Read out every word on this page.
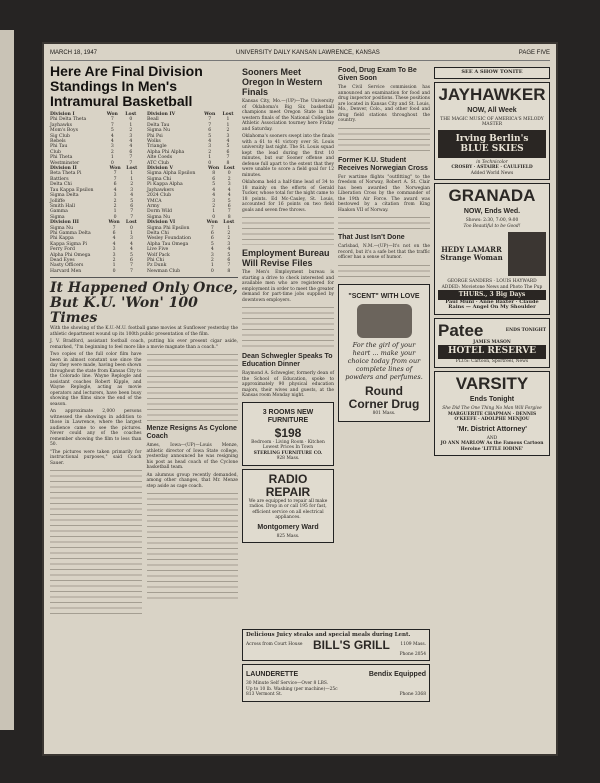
MARCH 18, 1947	UNIVERSITY DAILY KANSAN LAWRENCE, KANSAS	PAGE FIVE
Here Are Final Division Standings In Men's Intramural Basketball
Division I	Won	Lost
Phi Delta Theta	7	0
Jayhawks	7	1
Mom's Boys	5	2
Sig Club	4	3
Rebels	4	4
Phi Tau	3	4
Club	2	6
Phi Theta	1	7
Westminster	0	7
Division II	Won	Lost
Beta Theta Pi	7	1
Battlers	7	1
Delta Chi	6	2
Tau Kappa Epsilon	4	3
Sigma Delta	3	4
Jolliffe	2	5
Smith Hall	2	6
Gamma	1	7
Sigma	0	7
Division III	Won	Lost
Sigma Nu	7	0
Phi Gamma Delta	6	1
Phi Kappa	4	3
Kappa Sigma Pi	4	4
Ferry Ford	3	4
Alpha Phi Omega	3	5
Dead Eyes	2	6
Nasty Officers	1	7
Harvard Men	0	7
Division IV	Won	Lost
Beall	7	1
Delta Tau	7	1
Sigma Nu	6	2
Phi Psi	5	3
Wolks	4	4
Triangle	3	5
Alpha Phi Alpha	2	6
Alte Coeds	1	7
ATC Club	0	8
Division V	Won	Lost
Sigma Alpha Epsilon	8	0
Sigma Chi	6	2
Pi Kappa Alpha	5	3
Jayhawkers	4	4
2024 Club	4	4
YMCA	3	5
Army	2	6
Dorm Wild	1	7
Sigma Nu	0	8
Division VI	Won	Lost
Sigma Phi Epsilon	7	1
Delta Chi	6	2
Wesley Foundation	6	2
Alpha Tau Omega	5	3
Live Five	4	4
Wolf Pack	3	5
Phi Chi	2	6
Pz Dunk	1	7
Newman Club	0	8
It Happened Only Once, But K.U. 'Won' 100 Times

With the showing of the K.U.-M.U. football game movies at Sunflower yesterday the athletic department wound up its 100th public presentation of the film.

J. V. Bradford, assistant football coach, putting his ever present cigar aside, remarked, "I'm beginning to feel more like a movie magnate than a coach."

Two copies of the full color film have been in almost constant use since the day they were made, having been shown throughout the state from Kansas City to the Colorado line. Wayne Replogle and assistant coaches Robert Kipple, and Wayne Replogle, acting as movie operators and lecturers, have been busy showing the films since the end of the season.

An approximate 2,000 persons witnessed the showings in addition to those in Lawrence, where the largest audience came to see the pictures. Never could any of the coaches remember showing the film to less than 50.

"The pictures were taken primarily for instructional purposes," said Coach Sauer.

Menze Resigns As Cyclone Coach

Ames, Iowa—(UP)—Louis Menze, athletic director of Iowa State college, yesterday announced he was resigning his post as head coach of the Cyclone basketball team.

An alumnus group recently demanded, among other changes, that Mr. Menze step aside as cage coach.

Sooners Meet Oregon In Western Finals

Kansas City, Mo.—(UP)—The University of Oklahoma's Big Six basketball champions meet Oregon State in the western finals of the National Collegiate Athletic Association tourney here Friday and Saturday.

Oklahoma's sooners swept into the finals with a 61 to 41 victory over St. Louis university last night. The St. Louis squad kept the lead during the first 10 minutes, but our Sooner offense and defense full apart to the extent that they were unable to score a field goal for 12 minutes.

Oklahoma held a half-time lead of 34 to 18 mainly on the efforts of Gerald Tucker, whose total for the night came to 18 points. Ed Mc-Cauley, St. Louis, accounted for 16 points on two field goals and seven free throws.

Employment Bureau Will Revise Files

The Men's Employment bureau is starting a drive to check interested and available men who are registered for employment in order to meet the greater demand for part-time jobs supplied by downtown employers.

Dean Schwegler Speaks To Education Dinner

Raymond A. Schwegler, formerly dean of the School of Education, spoke to approximately 90 physical education majors, their wives and guests, at the Kansas room Monday night.

3 ROOMS NEW FURNITURE
$198
Bedroom · Living Room · Kitchen
Lowest Prices In Town
STERLING FURNITURE CO.
928 Mass.
RADIO REPAIR
We are equipped to repair all make radios. Drop in or call 195 for fast, efficient service on all electrical appliances.
Montgomery Ward
825 Mass.
Food, Drug Exam To Be Given Soon

The Civil Service commission has announced an examination for food and drug inspector positions. These positions are located in Kansas City and St. Louis, Mo., Denver, Colo., and other food and drug field stations throughout the country.

Former K.U. Student Receives Norwegian Cross

For wartime flights "outfitting" to the freedom of Norway, Robert A. St. Clair has been awarded the Norwegian Liberation Cross by the commander of the 19th Air Force. The award was bestowed by a citation from King Haakon VII of Norway.

That Just Isn't Done

Carlsbad, N.M.—(UP)—It's not on the record, but it's a safe bet that the traffic officer has a sense of humor.

"SCENT" WITH LOVE
For the girl of your heart ... make your choice today from our complete lines of powders and perfumes.
Round Corner Drug
801 Mass.
Delicious Juicy steaks and special meals during Lent.
Across from Court House BILL'S GRILL 1109 Mass.
Phone 2054
LAUNDERETTE	Bendix Equipped
30 Minute Self Service—Over 8 LBS.
Up to 10 lb. Washing (per machine)—25c
813 Vermont St.	Phone 3368
SEE A SHOW TONITE
JAYHAWKER
NOW, All Week
THE MAGIC MUSIC OF AMERICA'S MELODY MASTER
Irving Berlin's BLUE SKIES
in Technicolor
CROSBY · ASTAIRE · CAULFIELD
Added World News
GRANADA
NOW, Ends Wed.
Shows: 2:30, 7:00, 9:00
Too Beautiful to be Good!
HEDY LAMARR Strange Woman
GEORGE SANDERS · LOUIS HAYWARD
ADDED: Movietone News and Photo The Pup
THURS., 3 Big Days
Paul Muni · Anne Baxter · Claude Rains — Angel On My Shoulder
Patee	ENDS TONIGHT
JAMES MASON
HOTEL RESERVE
PLUS: Cartoon, Sportreel, News
VARSITY
Ends Tonight
She Did The One Thing No Man Will Forgive
MARGUERITE CHAPMAN · DENNIS O'KEEFE · ADOLPHE MENJOU
'Mr. District Attorney'
AND
JO ANN MARLOW As the Famous Cartoon Heroine 'LITTLE IODINE'
